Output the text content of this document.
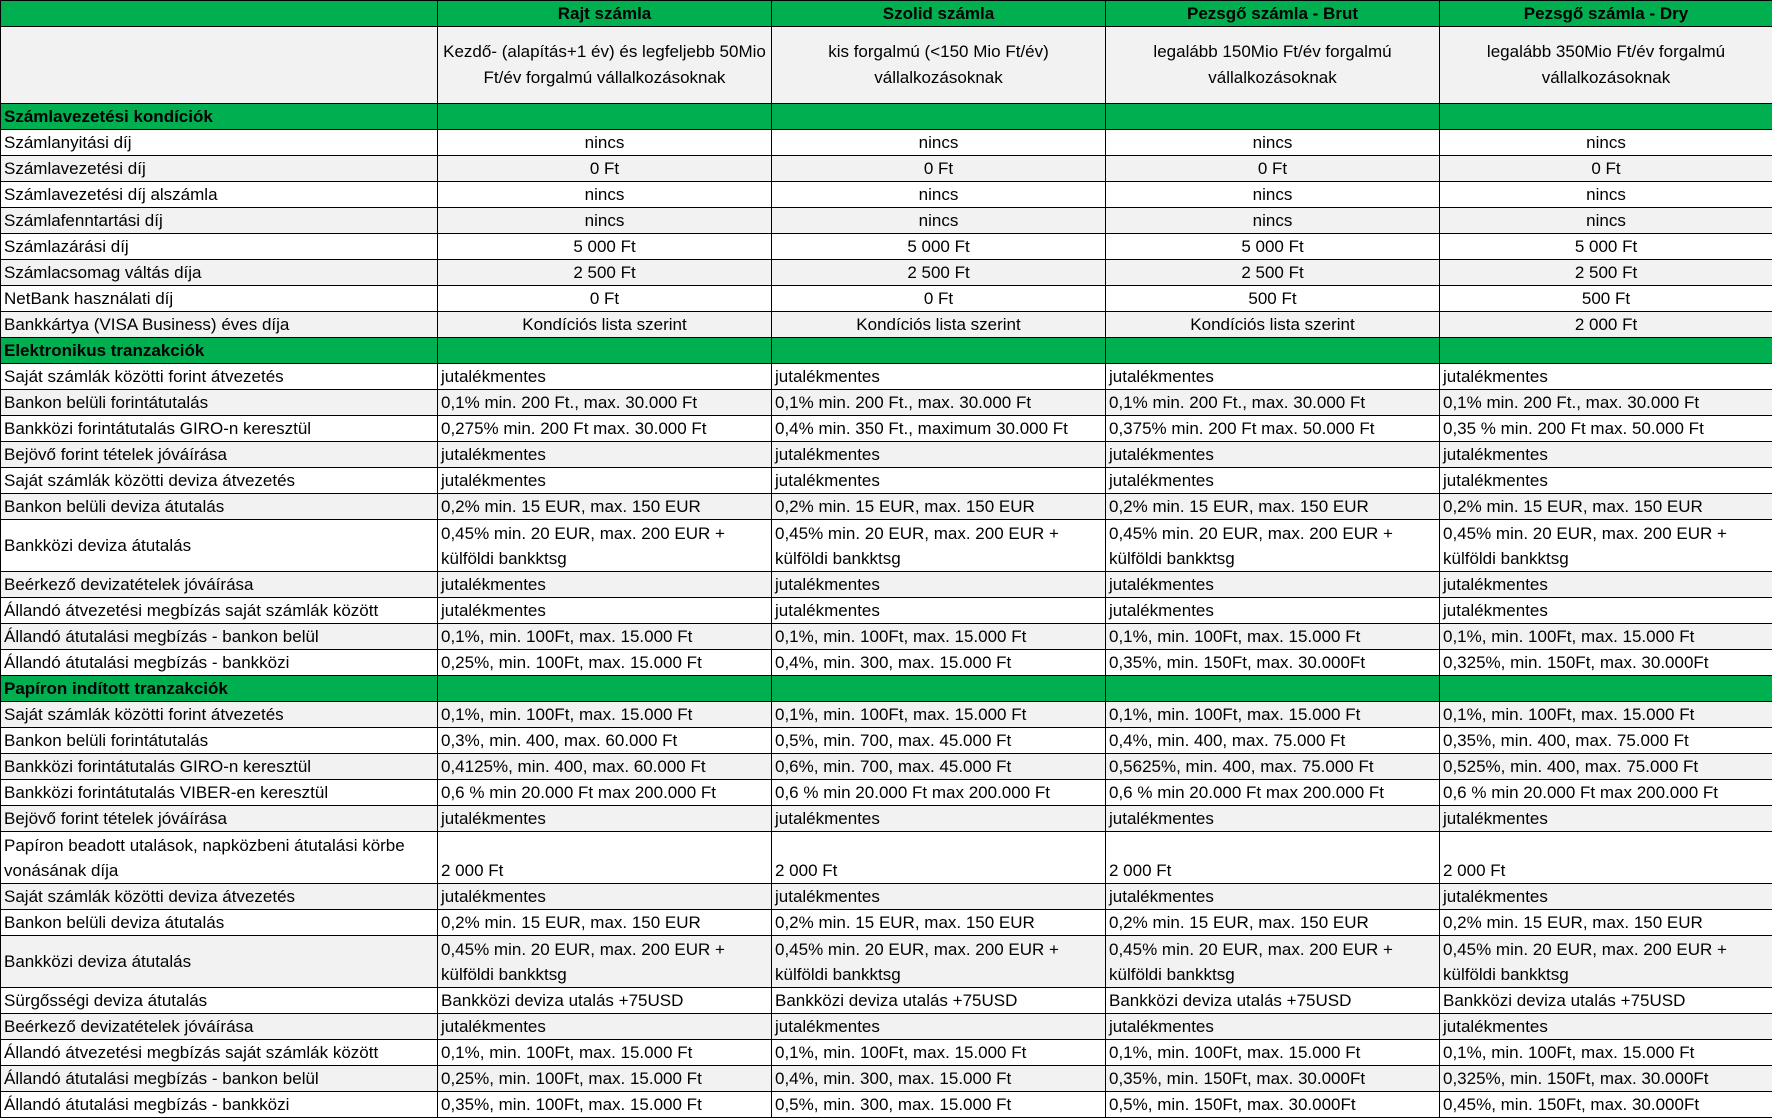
	Rajt számla	Szolid számla	Pezsgő számla - Brut	Pezsgő számla - Dry
	Kezdő- (alapítás+1 év) és legfeljebb 50Mio Ft/év forgalmú vállalkozásoknak	kis forgalmú (<150 Mio Ft/év) vállalkozásoknak	legalább 150Mio Ft/év forgalmú vállalkozásoknak	legalább 350Mio Ft/év forgalmú vállalkozásoknak
Számlavezetési kondíciók				
Számlanyitási díj	nincs	nincs	nincs	nincs
Számlavezetési díj	0 Ft	0 Ft	0 Ft	0 Ft
Számlavezetési díj alszámla	nincs	nincs	nincs	nincs
Számlafenntartási díj	nincs	nincs	nincs	nincs
Számlazárási díj	5 000 Ft	5 000 Ft	5 000 Ft	5 000 Ft
Számlacsomag váltás díja	2 500 Ft	2 500 Ft	2 500 Ft	2 500 Ft
NetBank használati díj	0 Ft	0 Ft	500 Ft	500 Ft
Bankkártya (VISA Business) éves díja	Kondíciós lista szerint	Kondíciós lista szerint	Kondíciós lista szerint	2 000 Ft
Elektronikus tranzakciók				
Saját számlák közötti forint átvezetés	jutalékmentes	jutalékmentes	jutalékmentes	jutalékmentes
Bankon belüli forintátutalás	0,1% min. 200 Ft., max. 30.000 Ft	0,1% min. 200 Ft., max. 30.000 Ft	0,1% min. 200 Ft., max. 30.000 Ft	0,1% min. 200 Ft., max. 30.000 Ft
Bankközi forintátutalás GIRO-n keresztül	0,275% min. 200 Ft max. 30.000 Ft	0,4% min. 350 Ft., maximum 30.000 Ft	0,375% min. 200 Ft max. 50.000 Ft	0,35 % min. 200 Ft max. 50.000 Ft
Bejövő forint tételek jóváírása	jutalékmentes	jutalékmentes	jutalékmentes	jutalékmentes
Saját számlák közötti deviza átvezetés	jutalékmentes	jutalékmentes	jutalékmentes	jutalékmentes
Bankon belüli deviza átutalás	0,2% min. 15 EUR, max. 150 EUR	0,2% min. 15 EUR, max. 150 EUR	0,2% min. 15 EUR, max. 150 EUR	0,2% min. 15 EUR, max. 150 EUR
Bankközi deviza átutalás	0,45% min. 20 EUR, max. 200 EUR + külföldi bankktsg	0,45% min. 20 EUR, max. 200 EUR + külföldi bankktsg	0,45% min. 20 EUR, max. 200 EUR + külföldi bankktsg	0,45% min. 20 EUR, max. 200 EUR + külföldi bankktsg
Beérkező devizatételek jóváírása	jutalékmentes	jutalékmentes	jutalékmentes	jutalékmentes
Állandó átvezetési megbízás saját számlák között	jutalékmentes	jutalékmentes	jutalékmentes	jutalékmentes
Állandó átutalási megbízás - bankon belül	0,1%, min. 100Ft, max. 15.000 Ft	0,1%, min. 100Ft, max. 15.000 Ft	0,1%, min. 100Ft, max. 15.000 Ft	0,1%, min. 100Ft, max. 15.000 Ft
Állandó átutalási megbízás - bankközi	0,25%, min. 100Ft, max. 15.000 Ft	0,4%, min. 300, max. 15.000 Ft	0,35%, min. 150Ft, max. 30.000Ft	0,325%, min. 150Ft, max. 30.000Ft
Papíron indított tranzakciók				
Saját számlák közötti forint átvezetés	0,1%, min. 100Ft, max. 15.000 Ft	0,1%, min. 100Ft, max. 15.000 Ft	0,1%, min. 100Ft, max. 15.000 Ft	0,1%, min. 100Ft, max. 15.000 Ft
Bankon belüli forintátutalás	0,3%, min. 400, max. 60.000 Ft	0,5%, min. 700, max. 45.000 Ft	0,4%, min. 400, max. 75.000 Ft	0,35%, min. 400, max. 75.000 Ft
Bankközi forintátutalás GIRO-n keresztül	0,4125%, min. 400, max. 60.000 Ft	0,6%, min. 700, max. 45.000 Ft	0,5625%, min. 400, max. 75.000 Ft	0,525%, min. 400, max. 75.000 Ft
Bankközi forintátutalás VIBER-en keresztül	0,6 % min 20.000 Ft max 200.000 Ft	0,6 % min 20.000 Ft max 200.000 Ft	0,6 % min 20.000 Ft max 200.000 Ft	0,6 % min 20.000 Ft max 200.000 Ft
Bejövő forint tételek jóváírása	jutalékmentes	jutalékmentes	jutalékmentes	jutalékmentes
Papíron beadott utalások, napközbeni átutalási körbe vonásának díja	2 000 Ft	2 000 Ft	2 000 Ft	2 000 Ft
Saját számlák közötti deviza átvezetés	jutalékmentes	jutalékmentes	jutalékmentes	jutalékmentes
Bankon belüli deviza átutalás	0,2% min. 15 EUR, max. 150 EUR	0,2% min. 15 EUR, max. 150 EUR	0,2% min. 15 EUR, max. 150 EUR	0,2% min. 15 EUR, max. 150 EUR
Bankközi deviza átutalás	0,45% min. 20 EUR, max. 200 EUR + külföldi bankktsg	0,45% min. 20 EUR, max. 200 EUR + külföldi bankktsg	0,45% min. 20 EUR, max. 200 EUR + külföldi bankktsg	0,45% min. 20 EUR, max. 200 EUR + külföldi bankktsg
Sürgősségi deviza átutalás	Bankközi deviza utalás +75USD	Bankközi deviza utalás +75USD	Bankközi deviza utalás +75USD	Bankközi deviza utalás +75USD
Beérkező devizatételek jóváírása	jutalékmentes	jutalékmentes	jutalékmentes	jutalékmentes
Állandó átvezetési megbízás saját számlák között	0,1%, min. 100Ft, max. 15.000 Ft	0,1%, min. 100Ft, max. 15.000 Ft	0,1%, min. 100Ft, max. 15.000 Ft	0,1%, min. 100Ft, max. 15.000 Ft
Állandó átutalási megbízás - bankon belül	0,25%, min. 100Ft, max. 15.000 Ft	0,4%, min. 300, max. 15.000 Ft	0,35%, min. 150Ft, max. 30.000Ft	0,325%, min. 150Ft, max. 30.000Ft
Állandó átutalási megbízás - bankközi	0,35%, min. 100Ft, max. 15.000 Ft	0,5%, min. 300, max. 15.000 Ft	0,5%, min. 150Ft, max. 30.000Ft	0,45%, min. 150Ft, max. 30.000Ft
